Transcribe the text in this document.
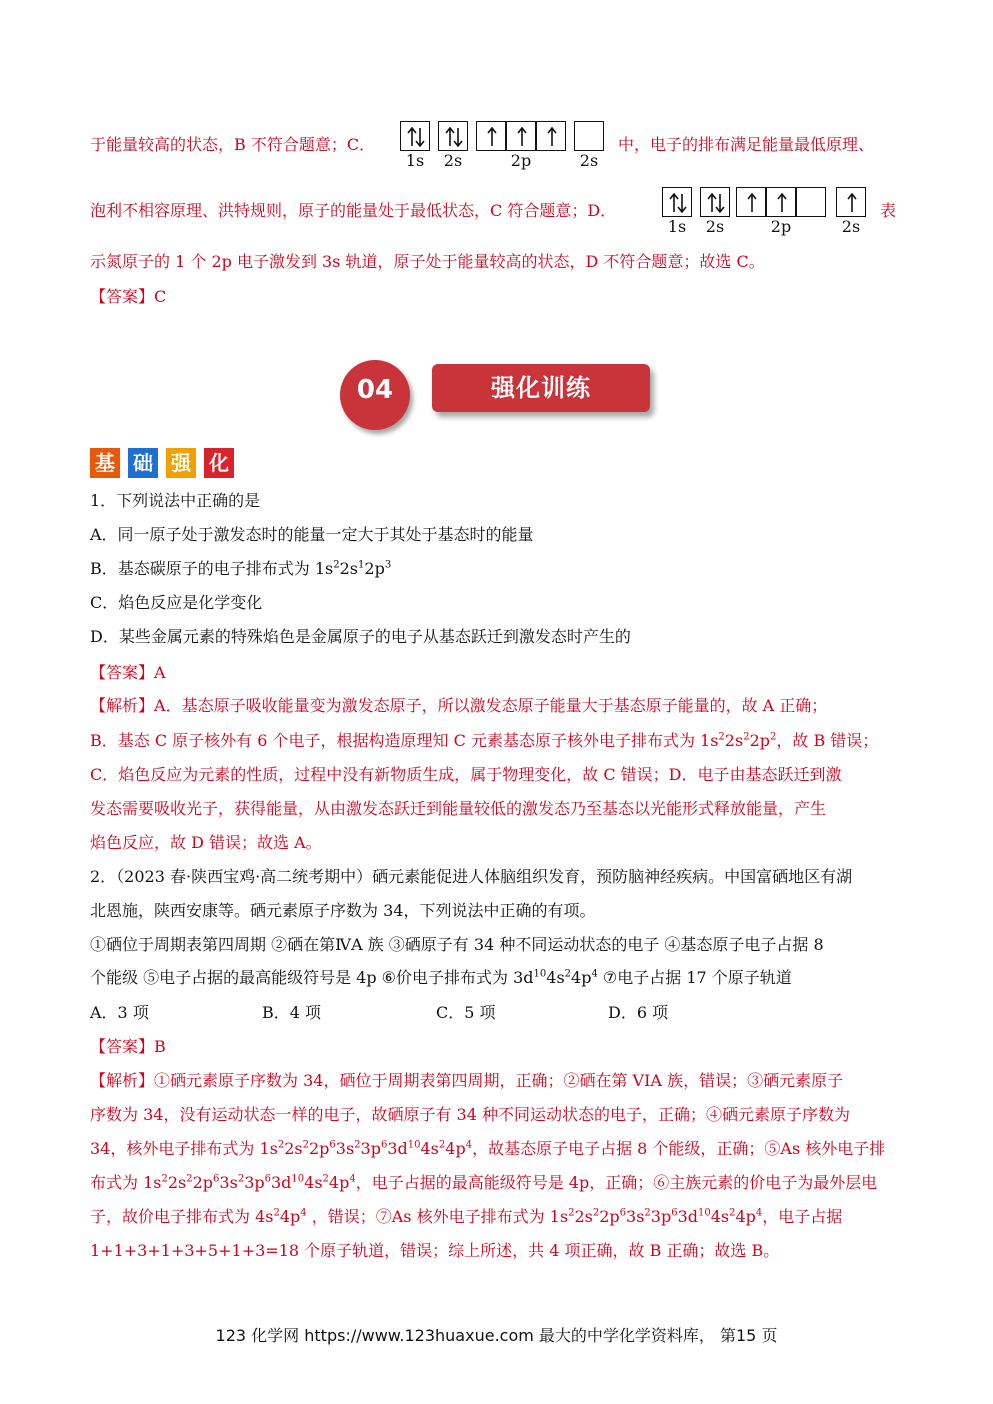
于能量较高的状态，B 不符合题意；C．
1s	2s	2p	2s
中，电子的排布满足能量最低原理、
泡利不相容原理、洪特规则，原子的能量处于最低状态，C 符合题意；D．
1s	2s	2p	2s
表
示氮原子的 1 个 2p 电子激发到 3s 轨道，原子处于能量较高的状态，D 不符合题意；故选 C。
【答案】C
04	强化训练
基 础 强 化
1．下列说法中正确的是
A．同一原子处于激发态时的能量一定大于其处于基态时的能量
B．基态碳原子的电子排布式为 $1s^22s^12p^3$
C．焰色反应是化学变化
D．某些金属元素的特殊焰色是金属原子的电子从基态跃迁到激发态时产生的
【答案】A
【解析】A．基态原子吸收能量变为激发态原子，所以激发态原子能量大于基态原子能量的，故 A 正确；
B．基态 C 原子核外有 6 个电子，根据构造原理知 C 元素基态原子核外电子排布式为 $1s^22s^22p^2$，故 B 错误；
C．焰色反应为元素的性质，过程中没有新物质生成，属于物理变化，故 C 错误；D．电子由基态跃迁到激
发态需要吸收光子，获得能量，从由激发态跃迁到能量较低的激发态乃至基态以光能形式释放能量，产生
焰色反应，故 D 错误；故选 A。
2．（2023 春·陕西宝鸡·高二统考期中）硒元素能促进人体脑组织发育，预防脑神经疾病。中国富硒地区有湖
北恩施，陕西安康等。硒元素原子序数为 34，下列说法中正确的有项。
①硒位于周期表第四周期 ②硒在第ⅣA 族 ③硒原子有 34 种不同运动状态的电子 ④基态原子电子占据 8
个能级 ⑤电子占据的最高能级符号是 4p ⑥价电子排布式为 $3d^{10}4s^24p^4$ ⑦电子占据 17 个原子轨道
A．3 项	B．4 项	C．5 项	D．6 项
【答案】B
【解析】①硒元素原子序数为 34，硒位于周期表第四周期，正确；②硒在第 VIA 族，错误；③硒元素原子
序数为 34，没有运动状态一样的电子，故硒原子有 34 种不同运动状态的电子，正确；④硒元素原子序数为
34，核外电子排布式为 $1s^22s^22p^63s^23p^63d^{10}4s^24p^4$，故基态原子电子占据 8 个能级，正确；⑤As 核外电子排
布式为 $1s^22s^22p^63s^23p^63d^{10}4s^24p^4$，电子占据的最高能级符号是 4p，正确；⑥主族元素的价电子为最外层电
子，故价电子排布式为 $4s^24p^4$ ，错误；⑦As 核外电子排布式为 $1s^22s^22p^63s^23p^63d^{10}4s^24p^4$，电子占据
1+1+3+1+3+5+1+3=18 个原子轨道，错误；综上所述，共 4 项正确，故 B 正确；故选 B。
123 化学网 https://www.123huaxue.com 最大的中学化学资料库， 第15 页
